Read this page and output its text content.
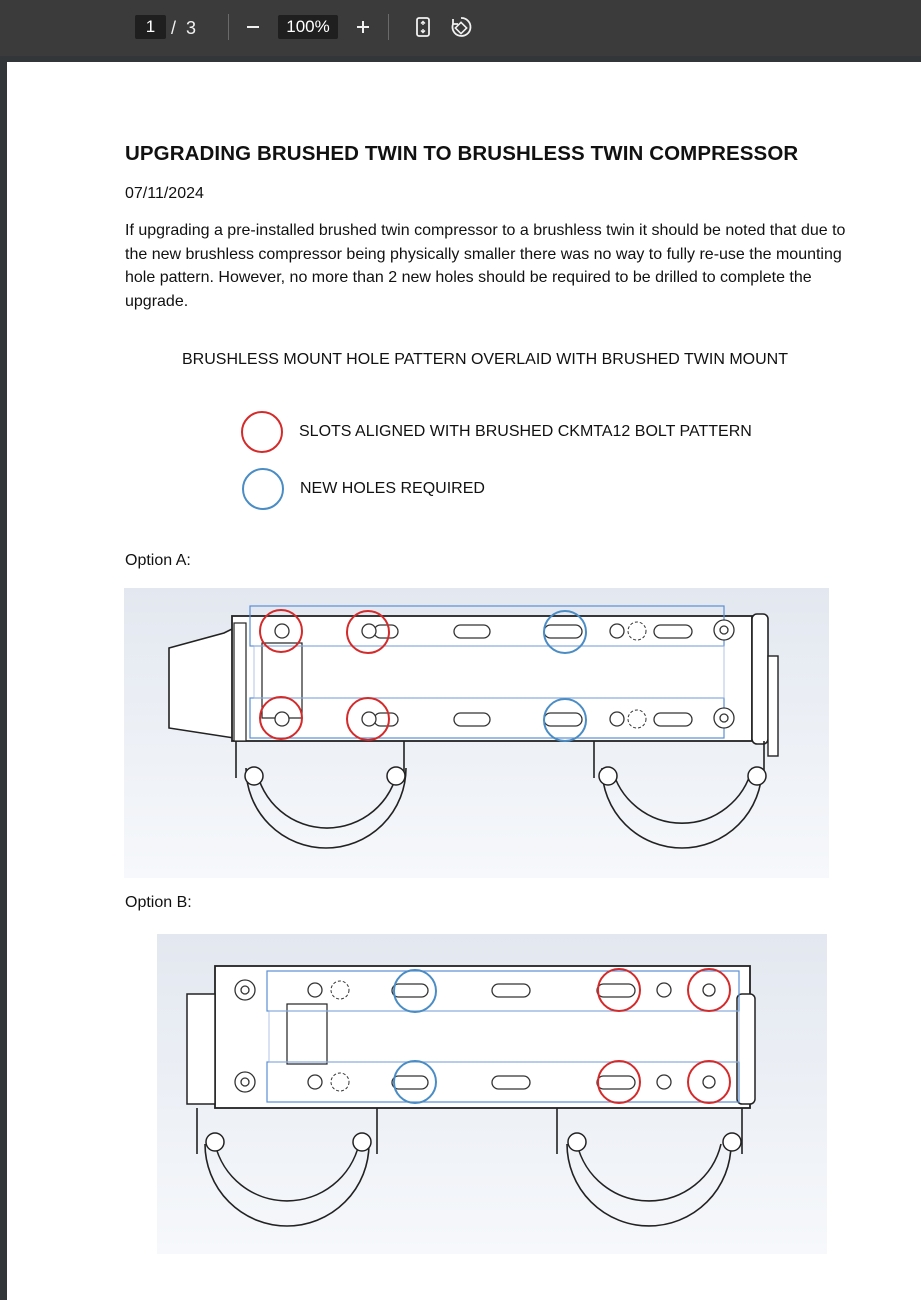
1 / 3	100%
UPGRADING BRUSHED TWIN TO BRUSHLESS TWIN COMPRESSOR
07/11/2024
If upgrading a pre-installed brushed twin compressor to a brushless twin it should be noted that due to the new brushless compressor being physically smaller there was no way to fully re-use the mounting hole pattern. However, no more than 2 new holes should be required to be drilled to complete the upgrade.
BRUSHLESS MOUNT HOLE PATTERN OVERLAID WITH BRUSHED TWIN MOUNT
SLOTS ALIGNED WITH BRUSHED CKMTA12 BOLT PATTERN
NEW HOLES REQUIRED
Option A:
Option B:
